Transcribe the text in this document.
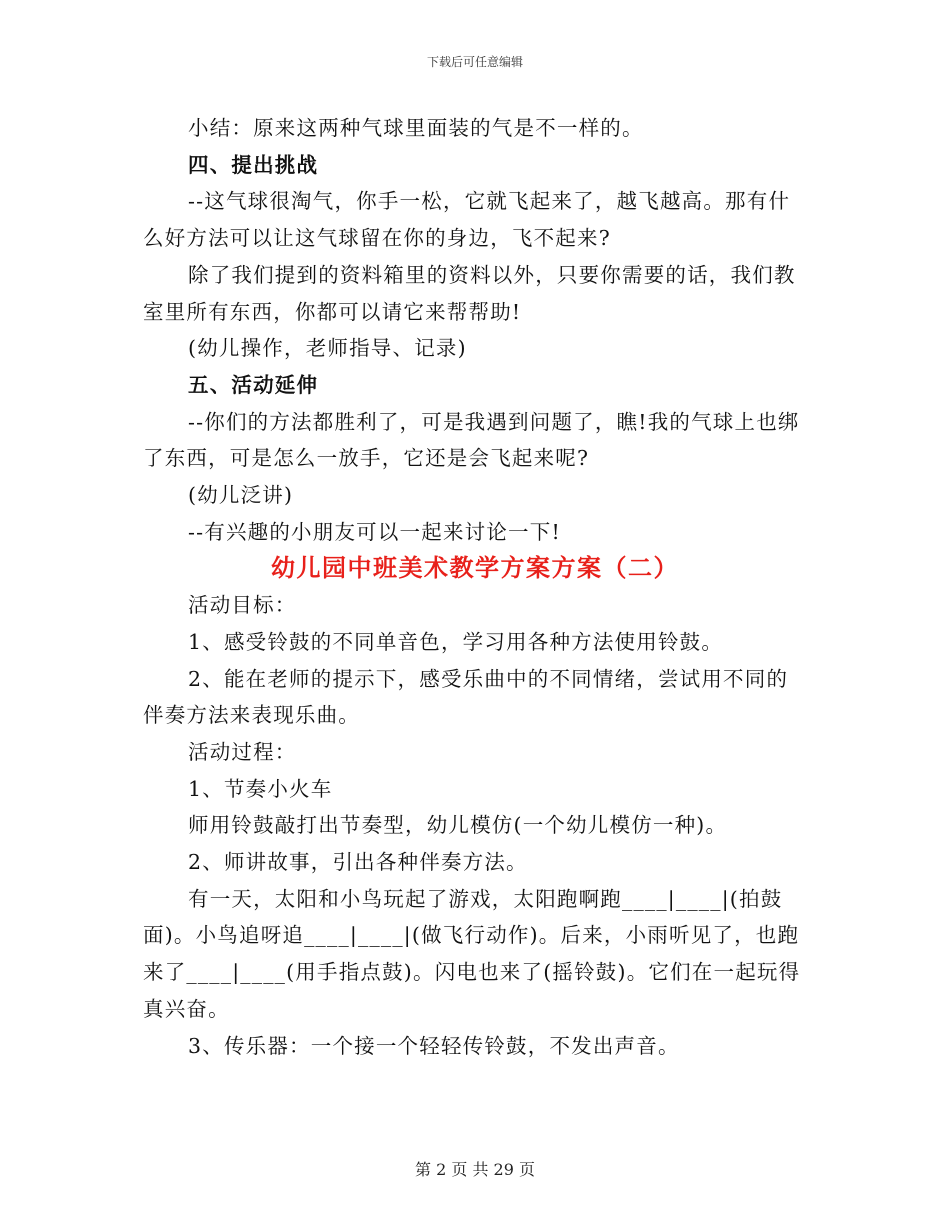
下载后可任意编辑

小结：原来这两种气球里面装的气是不一样的。

四、提出挑战

--这气球很淘气，你手一松，它就飞起来了，越飞越高。那有什么好方法可以让这气球留在你的身边，飞不起来?

除了我们提到的资料箱里的资料以外，只要你需要的话，我们教室里所有东西，你都可以请它来帮帮助!

(幼儿操作，老师指导、记录)

五、活动延伸

--你们的方法都胜利了，可是我遇到问题了，瞧!我的气球上也绑了东西，可是怎么一放手，它还是会飞起来呢?

(幼儿泛讲)

--有兴趣的小朋友可以一起来讨论一下!

幼儿园中班美术教学方案方案（二）

活动目标：

1、感受铃鼓的不同单音色，学习用各种方法使用铃鼓。

2、能在老师的提示下，感受乐曲中的不同情绪，尝试用不同的伴奏方法来表现乐曲。

活动过程：

1、节奏小火车

师用铃鼓敲打出节奏型，幼儿模仿(一个幼儿模仿一种)。

2、师讲故事，引出各种伴奏方法。

有一天，太阳和小鸟玩起了游戏，太阳跑啊跑____|____|(拍鼓面)。小鸟追呀追____|____|(做飞行动作)。后来，小雨听见了，也跑来了____|____(用手指点鼓)。闪电也来了(摇铃鼓)。它们在一起玩得真兴奋。

3、传乐器：一个接一个轻轻传铃鼓，不发出声音。

第 2 页 共 29 页
